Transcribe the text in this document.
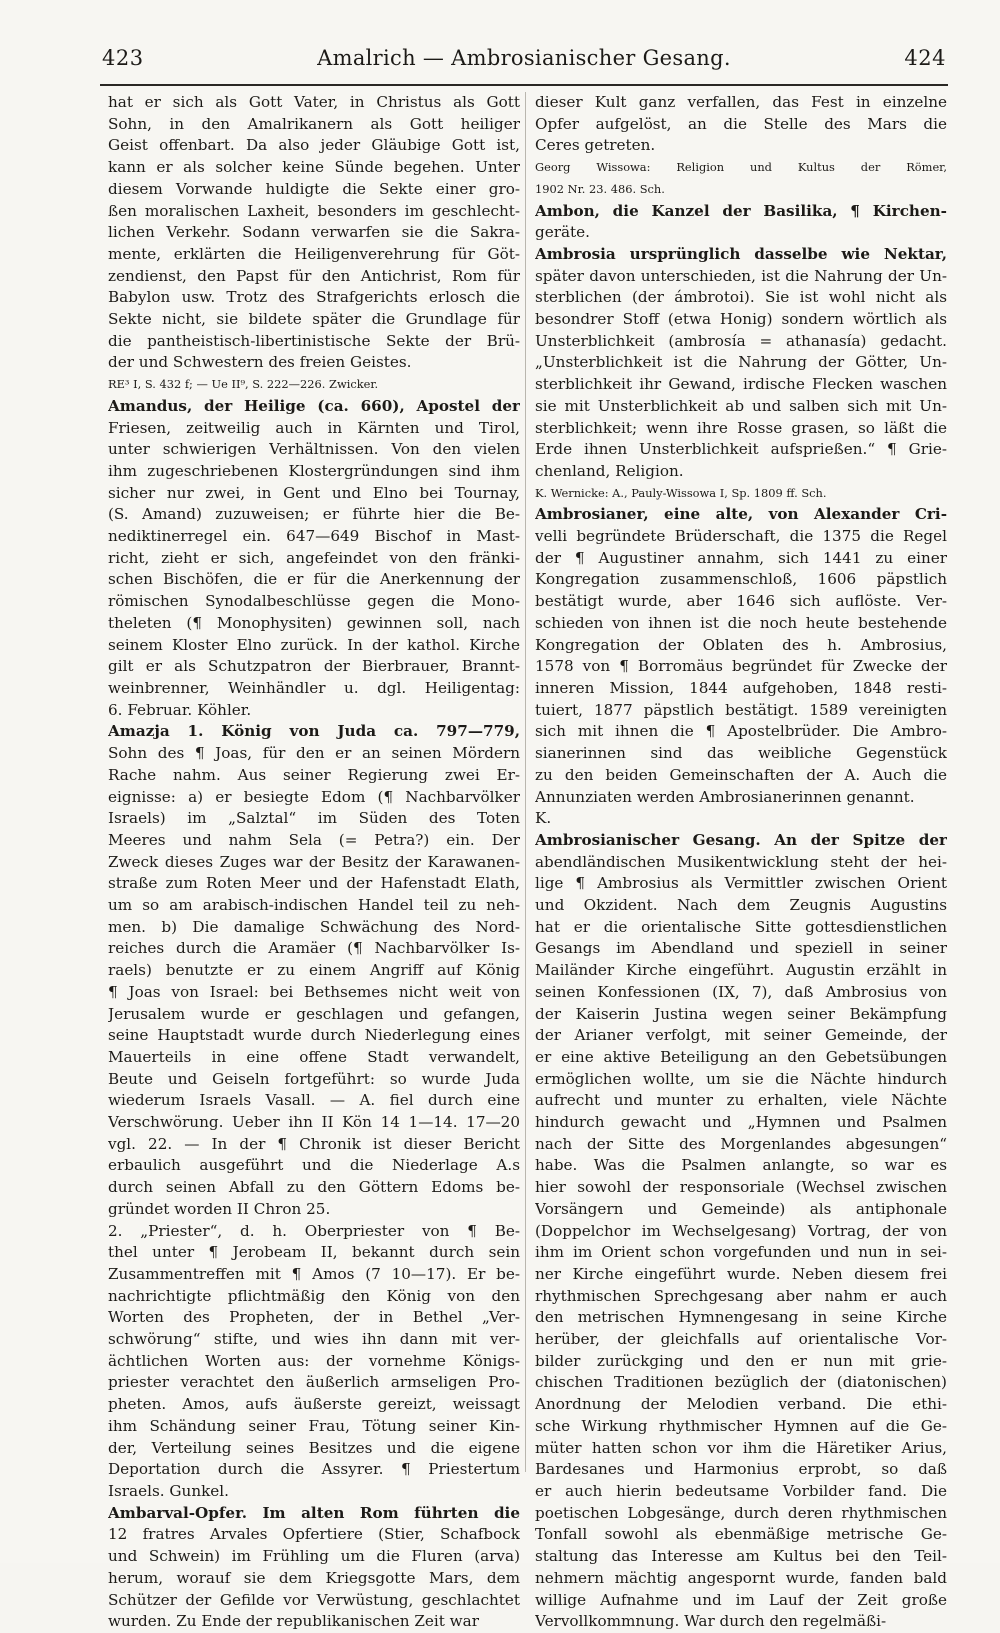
423	Amalrich — Ambrosianischer Gesang.	424
hat er sich als Gott Vater, in Christus als Gott
Sohn, in den Amalrikanern als Gott heiliger
Geist offenbart. Da also jeder Gläubige Gott ist,
kann er als solcher keine Sünde begehen. Unter
diesem Vorwande huldigte die Sekte einer gro-
ßen moralischen Laxheit, besonders im geschlecht-
lichen Verkehr. Sodann verwarfen sie die Sakra-
mente, erklärten die Heiligenverehrung für Göt-
zendienst, den Papst für den Antichrist, Rom für
Babylon usw. Trotz des Strafgerichts erlosch die
Sekte nicht, sie bildete später die Grundlage für
die pantheistisch-libertinistische Sekte der Brü-
der und Schwestern des freien Geistes.
RE³ I, S. 432 f; — Ue II⁹, S. 222—226. Zwicker.
Amandus, der Heilige (ca. 660), Apostel der
Friesen, zeitweilig auch in Kärnten und Tirol,
unter schwierigen Verhältnissen. Von den vielen
ihm zugeschriebenen Klostergründungen sind ihm
sicher nur zwei, in Gent und Elno bei Tournay,
(S. Amand) zuzuweisen; er führte hier die Be-
nediktinerregel ein. 647—649 Bischof in Mast-
richt, zieht er sich, angefeindet von den fränki-
schen Bischöfen, die er für die Anerkennung der
römischen Synodalbeschlüsse gegen die Mono-
theleten (¶ Monophysiten) gewinnen soll, nach
seinem Kloster Elno zurück. In der kathol. Kirche
gilt er als Schutzpatron der Bierbrauer, Brannt-
weinbrenner, Weinhändler u. dgl. Heiligentag:
6. Februar. Köhler.
Amazja 1. König von Juda ca. 797—779,
Sohn des ¶ Joas, für den er an seinen Mördern
Rache nahm. Aus seiner Regierung zwei Er-
eignisse: a) er besiegte Edom (¶ Nachbarvölker
Israels) im „Salztal“ im Süden des Toten
Meeres und nahm Sela (= Petra?) ein. Der
Zweck dieses Zuges war der Besitz der Karawanen-
straße zum Roten Meer und der Hafenstadt Elath,
um so am arabisch-indischen Handel teil zu neh-
men. b) Die damalige Schwächung des Nord-
reiches durch die Aramäer (¶ Nachbarvölker Is-
raels) benutzte er zu einem Angriff auf König
¶ Joas von Israel: bei Bethsemes nicht weit von
Jerusalem wurde er geschlagen und gefangen,
seine Hauptstadt wurde durch Niederlegung eines
Mauerteils in eine offene Stadt verwandelt,
Beute und Geiseln fortgeführt: so wurde Juda
wiederum Israels Vasall. — A. fiel durch eine
Verschwörung. Ueber ihn II Kön 14 1—14. 17—20
vgl. 22. — In der ¶ Chronik ist dieser Bericht
erbaulich ausgeführt und die Niederlage A.s
durch seinen Abfall zu den Göttern Edoms be-
gründet worden II Chron 25.
2. „Priester“, d. h. Oberpriester von ¶ Be-
thel unter ¶ Jerobeam II, bekannt durch sein
Zusammentreffen mit ¶ Amos (7 10—17). Er be-
nachrichtigte pflichtmäßig den König von den
Worten des Propheten, der in Bethel „Ver-
schwörung“ stifte, und wies ihn dann mit ver-
ächtlichen Worten aus: der vornehme Königs-
priester verachtet den äußerlich armseligen Pro-
pheten. Amos, aufs äußerste gereizt, weissagt
ihm Schändung seiner Frau, Tötung seiner Kin-
der, Verteilung seines Besitzes und die eigene
Deportation durch die Assyrer. ¶ Priestertum
Israels. Gunkel.
Ambarval-Opfer. Im alten Rom führten die
12 fratres Arvales Opfertiere (Stier, Schafbock
und Schwein) im Frühling um die Fluren (arva)
herum, worauf sie dem Kriegsgotte Mars, dem
Schützer der Gefilde vor Verwüstung, geschlachtet
wurden. Zu Ende der republikanischen Zeit war
dieser Kult ganz verfallen, das Fest in einzelne
Opfer aufgelöst, an die Stelle des Mars die
Ceres getreten.
Georg Wissowa: Religion und Kultus der Römer,
1902 Nr. 23. 486. Sch.
Ambon, die Kanzel der Basilika, ¶ Kirchen-
geräte.
Ambrosia ursprünglich dasselbe wie Nektar,
später davon unterschieden, ist die Nahrung der Un-
sterblichen (der ámbrotoi). Sie ist wohl nicht als
besondrer Stoff (etwa Honig) sondern wörtlich als
Unsterblichkeit (ambrosía = athanasía) gedacht.
„Unsterblichkeit ist die Nahrung der Götter, Un-
sterblichkeit ihr Gewand, irdische Flecken waschen
sie mit Unsterblichkeit ab und salben sich mit Un-
sterblichkeit; wenn ihre Rosse grasen, so läßt die
Erde ihnen Unsterblichkeit aufsprießen.“ ¶ Grie-
chenland, Religion.
K. Wernicke: A., Pauly-Wissowa I, Sp. 1809 ff. Sch.
Ambrosianer, eine alte, von Alexander Cri-
velli begründete Brüderschaft, die 1375 die Regel
der ¶ Augustiner annahm, sich 1441 zu einer
Kongregation zusammenschloß, 1606 päpstlich
bestätigt wurde, aber 1646 sich auflöste. Ver-
schieden von ihnen ist die noch heute bestehende
Kongregation der Oblaten des h. Ambrosius,
1578 von ¶ Borromäus begründet für Zwecke der
inneren Mission, 1844 aufgehoben, 1848 resti-
tuiert, 1877 päpstlich bestätigt. 1589 vereinigten
sich mit ihnen die ¶ Apostelbrüder. Die Ambro-
sianerinnen sind das weibliche Gegenstück
zu den beiden Gemeinschaften der A. Auch die
Annunziaten werden Ambrosianerinnen genannt.
K.
Ambrosianischer Gesang. An der Spitze der
abendländischen Musikentwicklung steht der hei-
lige ¶ Ambrosius als Vermittler zwischen Orient
und Okzident. Nach dem Zeugnis Augustins
hat er die orientalische Sitte gottesdienstlichen
Gesangs im Abendland und speziell in seiner
Mailänder Kirche eingeführt. Augustin erzählt in
seinen Konfessionen (IX, 7), daß Ambrosius von
der Kaiserin Justina wegen seiner Bekämpfung
der Arianer verfolgt, mit seiner Gemeinde, der
er eine aktive Beteiligung an den Gebetsübungen
ermöglichen wollte, um sie die Nächte hindurch
aufrecht und munter zu erhalten, viele Nächte
hindurch gewacht und „Hymnen und Psalmen
nach der Sitte des Morgenlandes abgesungen“
habe. Was die Psalmen anlangte, so war es
hier sowohl der responsoriale (Wechsel zwischen
Vorsängern und Gemeinde) als antiphonale
(Doppelchor im Wechselgesang) Vortrag, der von
ihm im Orient schon vorgefunden und nun in sei-
ner Kirche eingeführt wurde. Neben diesem frei
rhythmischen Sprechgesang aber nahm er auch
den metrischen Hymnengesang in seine Kirche
herüber, der gleichfalls auf orientalische Vor-
bilder zurückging und den er nun mit grie-
chischen Traditionen bezüglich der (diatonischen)
Anordnung der Melodien verband. Die ethi-
sche Wirkung rhythmischer Hymnen auf die Ge-
müter hatten schon vor ihm die Häretiker Arius,
Bardesanes und Harmonius erprobt, so daß
er auch hierin bedeutsame Vorbilder fand. Die
poetischen Lobgesänge, durch deren rhythmischen
Tonfall sowohl als ebenmäßige metrische Ge-
staltung das Interesse am Kultus bei den Teil-
nehmern mächtig angespornt wurde, fanden bald
willige Aufnahme und im Lauf der Zeit große
Vervollkommnung. War durch den regelmäßi-
